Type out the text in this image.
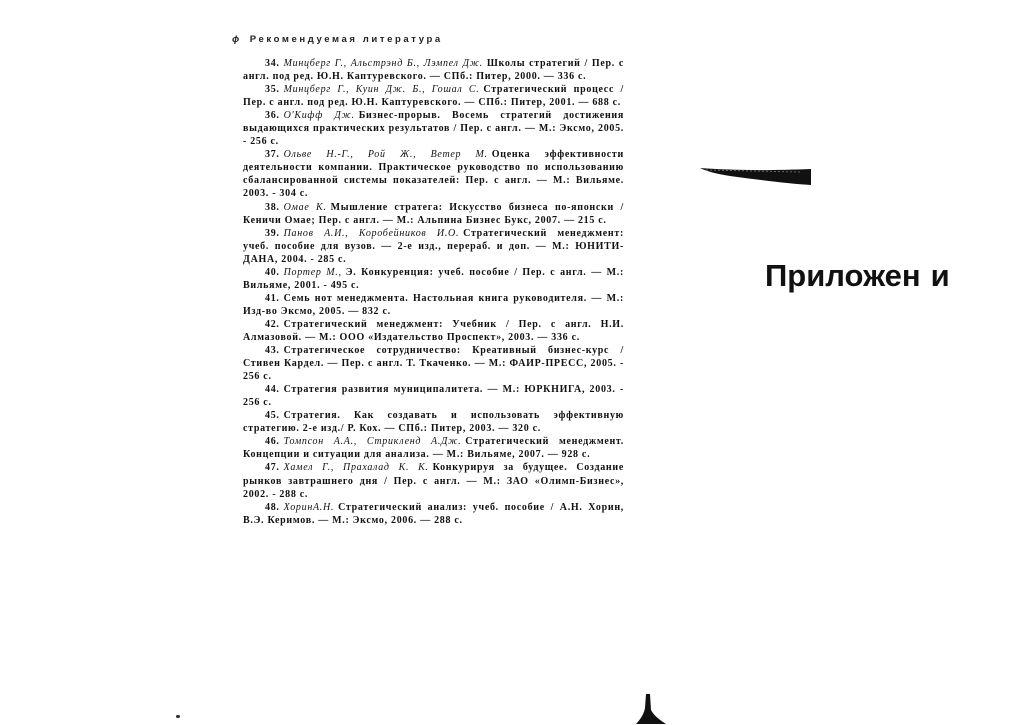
ϕ Рекомендуемая литература

34. Минцберг Г., Альстрэнд Б., Лэмпел Дж. Школы стратегий / Пер. с англ. под ред. Ю.Н. Каптуревского. — СПб.: Питер, 2000. — 336 с.

35. Минцберг Г., Куин Дж. Б., Гошал С. Стратегический процесс / Пер. с англ. под ред. Ю.Н. Каптуревского. — СПб.: Питер, 2001. — 688 с.

36. О'Кифф Дж. Бизнес-прорыв. Восемь стратегий достижения выдающихся практических результатов / Пер. с англ. — М.: Эксмо, 2005. - 256 с.

37. Ольве Н.-Г., Рой Ж., Ветер М. Оценка эффективности деятельности компании. Практическое руководство по использованию сбалансированной системы показателей: Пер. с англ. — М.: Вильяме. 2003. - 304 с.

38. Омае К. Мышление стратега: Искусство бизнеса по-японски / Кеничи Омае; Пер. с англ. — М.: Альпина Бизнес Букс, 2007. — 215 с.

39. Панов А.И., Коробейников И.О. Стратегический менеджмент: учеб. пособие для вузов. — 2-е изд., перераб. и доп. — М.: ЮНИТИ-ДАНА, 2004. - 285 с.

40. Портер М., Э. Конкуренция: учеб. пособие / Пер. с англ. — М.: Вильяме, 2001. - 495 с.

41. Семь нот менеджмента. Настольная книга руководителя. — М.: Изд-во Эксмо, 2005. — 832 с.

42. Стратегический менеджмент: Учебник / Пер. с англ. Н.И. Алмазовой. — М.: ООО «Издательство Проспект», 2003. — 336 с.

43. Стратегическое сотрудничество: Креативный бизнес-курс / Стивен Кардел. — Пер. с англ. Т. Ткаченко. — М.: ФАИР-ПРЕСС, 2005. - 256 с.

44. Стратегия развития муниципалитета. — М.: ЮРКНИГА, 2003. - 256 с.

45. Стратегия. Как создавать и использовать эффективную стратегию. 2-е изд./ Р. Кох. — СПб.: Питер, 2003. — 320 с.

46. Томпсон А.А., Стрикленд А.Дж. Стратегический менеджмент. Концепции и ситуации для анализа. — М.: Вильяме, 2007. — 928 с.

47. Хамел Г., Прахалад К. К. Конкурируя за будущее. Создание рынков завтрашнего дня / Пер. с англ. — М.: ЗАО «Олимп-Бизнес», 2002. - 288 с.

48. ХоринА.Н. Стратегический анализ: учеб. пособие / А.Н. Хорин, В.Э. Керимов. — М.: Эксмо, 2006. — 288 с.

Приложен и
